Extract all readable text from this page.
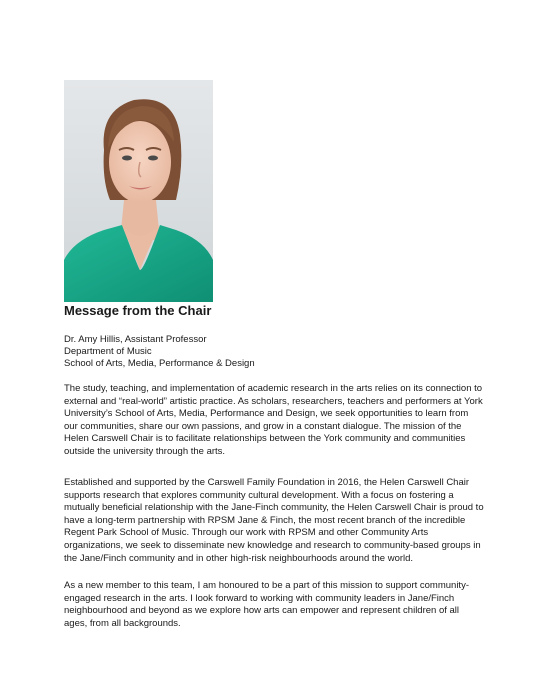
Message from the Chair
Dr. Amy Hillis, Assistant Professor
Department of Music
School of Arts, Media, Performance & Design

The study, teaching, and implementation of academic research in the arts relies on its connection to external and “real-world” artistic practice. As scholars, researchers, teachers and performers at York University’s School of Arts, Media, Performance and Design, we seek opportunities to learn from our communities, share our own passions, and grow in a constant dialogue. The mission of the Helen Carswell Chair is to facilitate relationships between the York community and communities outside the university through the arts.

Established and supported by the Carswell Family Foundation in 2016, the Helen Carswell Chair supports research that explores community cultural development. With a focus on fostering a mutually beneficial relationship with the Jane-Finch community, the Helen Carswell Chair is proud to have a long-term partnership with RPSM Jane & Finch, the most recent branch of the incredible Regent Park School of Music. Through our work with RPSM and other Community Arts organizations, we seek to disseminate new knowledge and research to community-based groups in the Jane/Finch community and in other high-risk neighbourhoods around the world.

As a new member to this team, I am honoured to be a part of this mission to support community-engaged research in the arts. I look forward to working with community leaders in Jane/Finch neighbourhood and beyond as we explore how arts can empower and represent children of all ages, from all backgrounds.
